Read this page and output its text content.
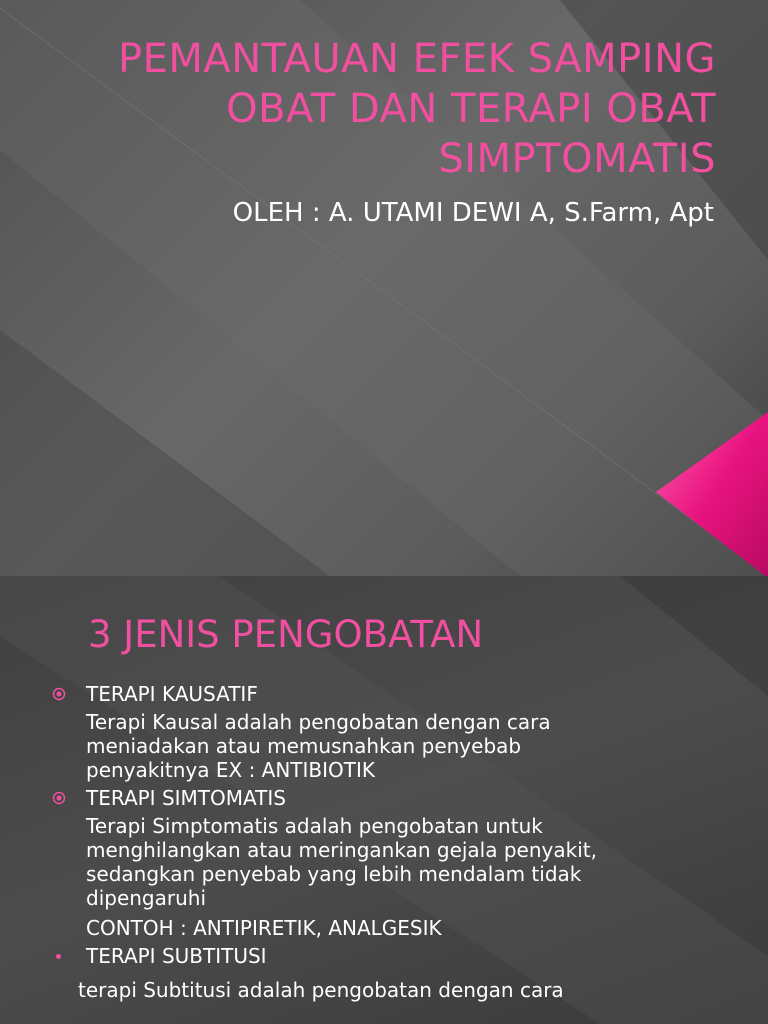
PEMANTAUAN EFEK SAMPING
OBAT DAN TERAPI OBAT
SIMPTOMATIS

OLEH : A. UTAMI DEWI A, S.Farm, Apt

3 JENIS PENGOBATAN
TERAPI KAUSATIF
Terapi Kausal adalah pengobatan dengan cara
meniadakan atau memusnahkan penyebab
penyakitnya EX : ANTIBIOTIK
TERAPI SIMTOMATIS
Terapi Simptomatis adalah pengobatan untuk
menghilangkan atau meringankan gejala penyakit,
sedangkan penyebab yang lebih mendalam tidak
dipengaruhi
CONTOH : ANTIPIRETIK, ANALGESIK
TERAPI SUBTITUSI
terapi Subtitusi adalah pengobatan dengan cara
